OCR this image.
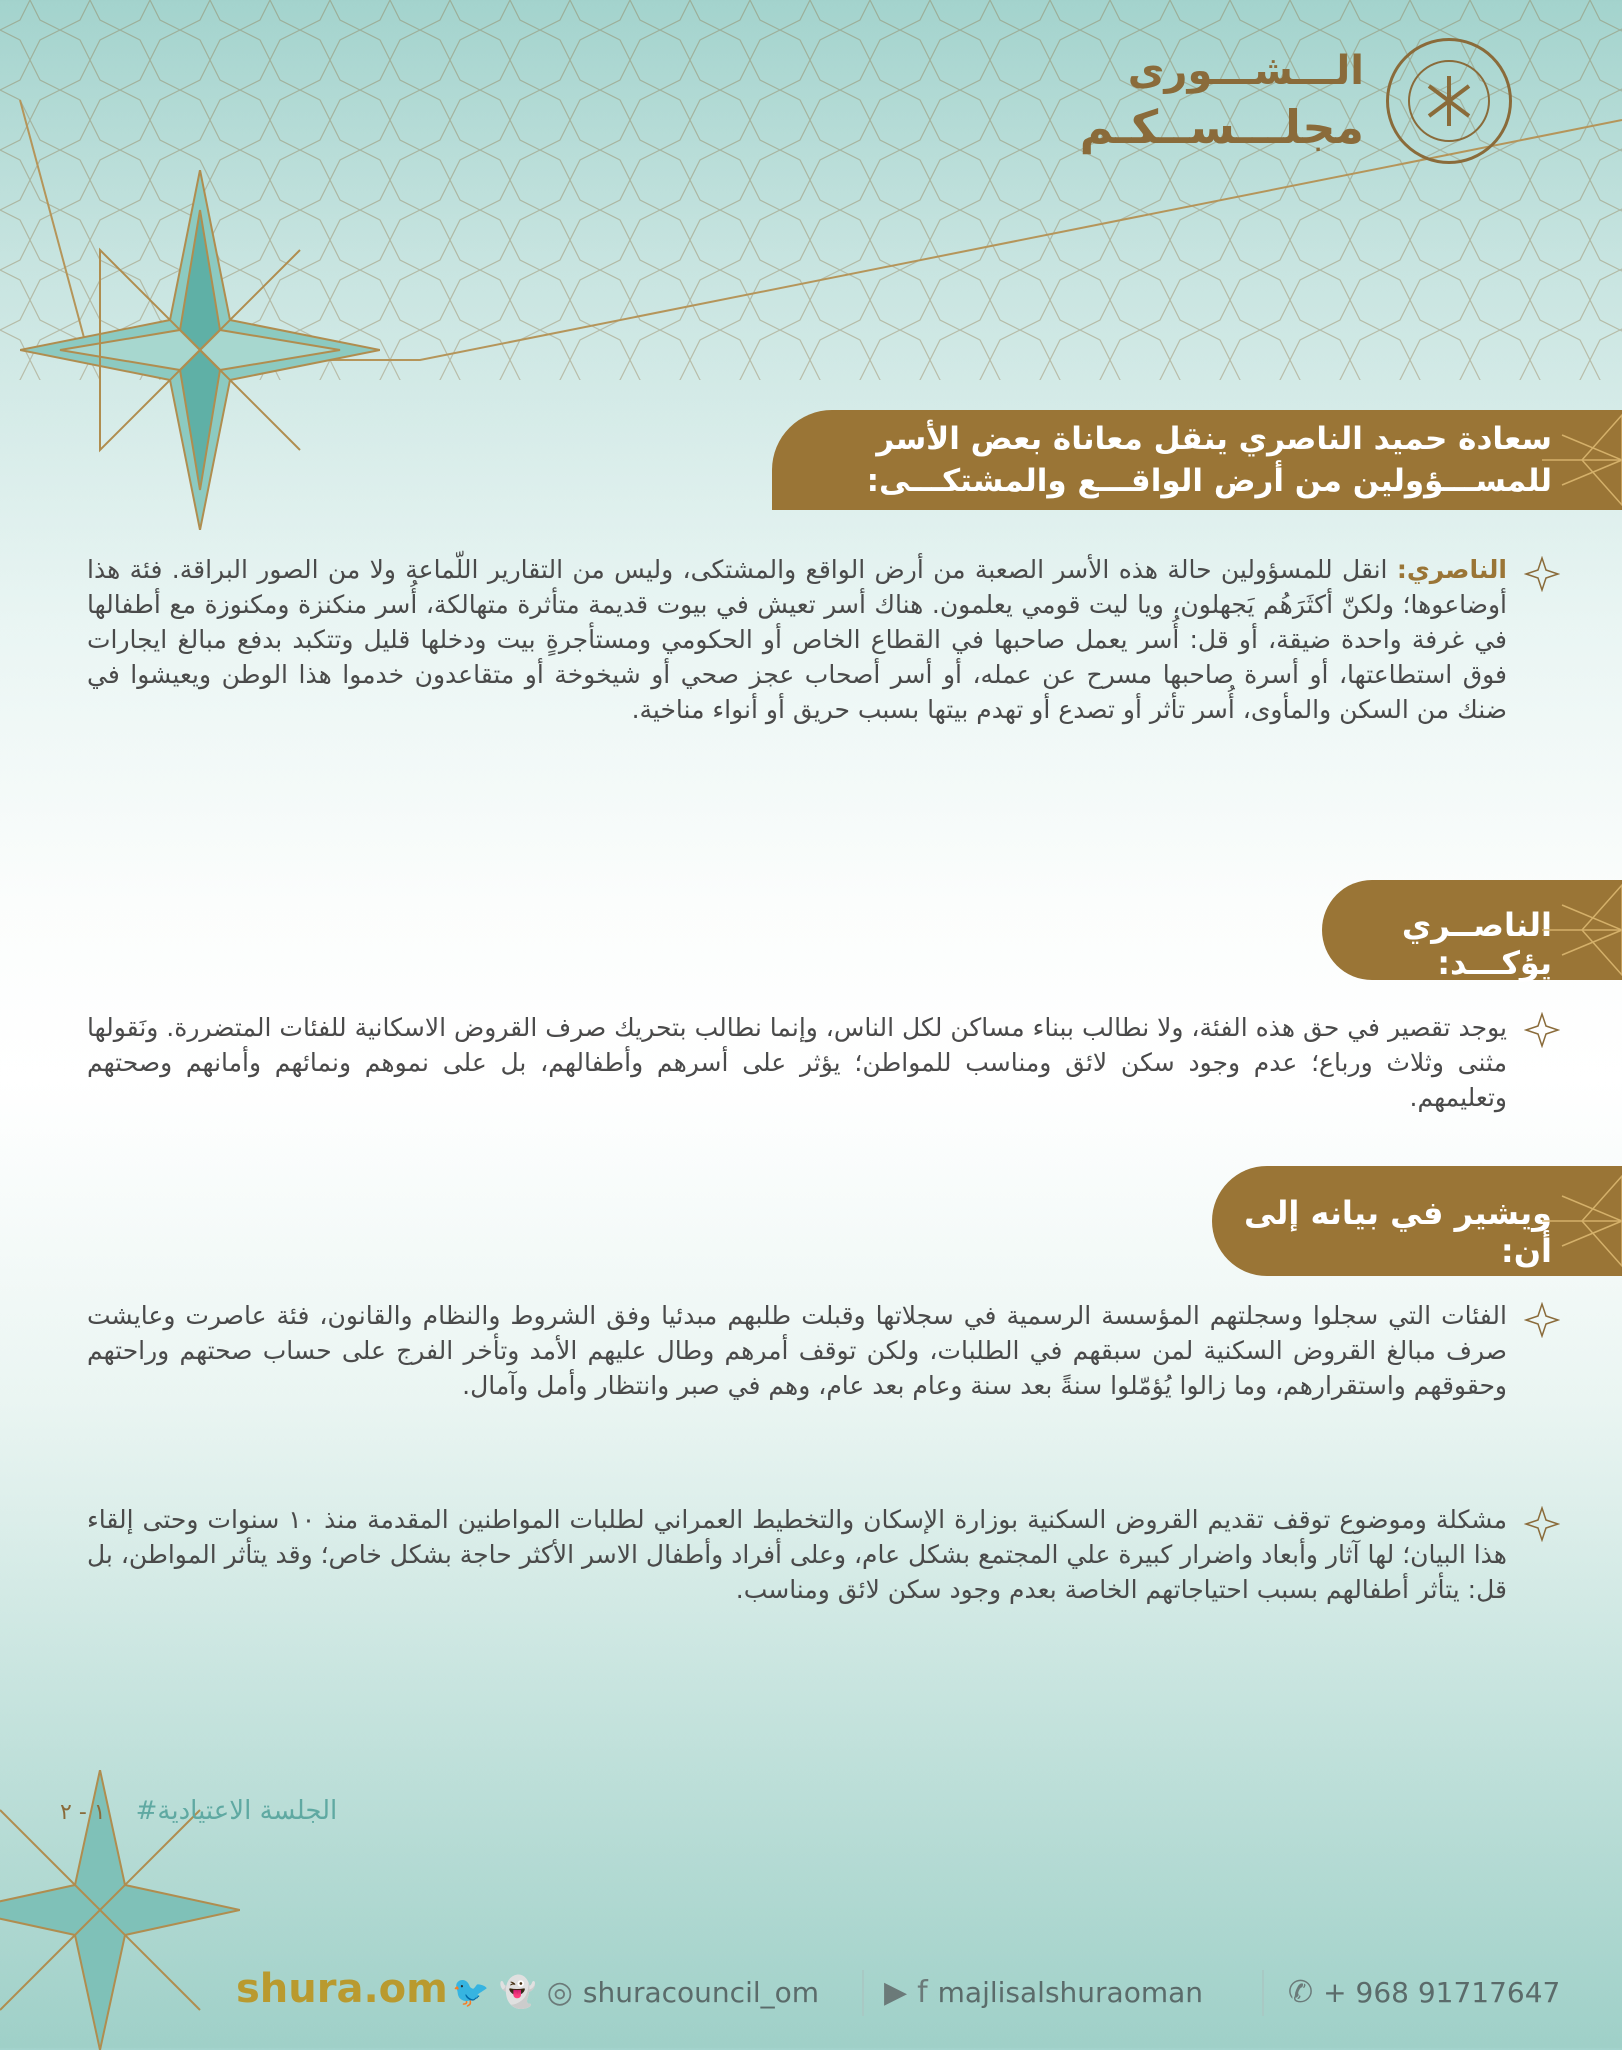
الـــشـــورى
مجلـــســكـم
سعادة حميد الناصري ينقل معاناة بعض الأسر للمســـؤولين من أرض الواقـــع والمشتكـــى:
الناصري: انقل للمسؤولين حالة هذه الأسر الصعبة من أرض الواقع والمشتكى، وليس من التقارير اللّماعة ولا من الصور البراقة. فئة هذا أوضاعوها؛ ولكنّ أكثَرَهُم يَجهلون، ويا ليت قومي يعلمون. هناك أسر تعيش في بيوت قديمة متأثرة متهالكة، أُسر منكنزة ومكنوزة مع أطفالها في غرفة واحدة ضيقة، أو قل: أُسر يعمل صاحبها في القطاع الخاص أو الحكومي ومستأجرةٍ بيت ودخلها قليل وتتكبد بدفع مبالغ ايجارات فوق استطاعتها، أو أسرة صاحبها مسرح عن عمله، أو أسر أصحاب عجز صحي أو شيخوخة أو متقاعدون خدموا هذا الوطن ويعيشوا في ضنك من السكن والمأوى، أُسر تأثر أو تصدع أو تهدم بيتها بسبب حريق أو أنواء مناخية.
الناصــري يؤكـــد:
يوجد تقصير في حق هذه الفئة، ولا نطالب ببناء مساكن لكل الناس، وإنما نطالب بتحريك صرف القروض الاسكانية للفئات المتضررة. ونَقولها مثنى وثلاث ورباع؛ عدم وجود سكن لائق ومناسب للمواطن؛ يؤثر على أسرهم وأطفالهم، بل على نموهم ونمائهم وأمانهم وصحتهم وتعليمهم.
ويشير في بيانه إلى أن:
الفئات التي سجلوا وسجلتهم المؤسسة الرسمية في سجلاتها وقبلت طلبهم مبدئيا وفق الشروط والنظام والقانون، فئة عاصرت وعايشت صرف مبالغ القروض السكنية لمن سبقهم في الطلبات، ولكن توقف أمرهم وطال عليهم الأمد وتأخر الفرج على حساب صحتهم وراحتهم وحقوقهم واستقرارهم، وما زالوا يُؤمّلوا سنةً بعد سنة وعام بعد عام، وهم في صبر وانتظار وأمل وآمال.
مشكلة وموضوع توقف تقديم القروض السكنية بوزارة الإسكان والتخطيط العمراني لطلبات المواطنين المقدمة منذ ١٠ سنوات وحتى إلقاء هذا البيان؛ لها آثار وأبعاد واضرار كبيرة علي المجتمع بشكل عام، وعلى أفراد وأطفال الاسر الأكثر حاجة بشكل خاص؛ وقد يتأثر المواطن، بل قل: يتأثر أطفالهم بسبب احتياجاتهم الخاصة بعدم وجود سكن لائق ومناسب.
١ - ٢ #الجلسة الاعتيادية
shura.om 🐦 👻 ◎ shuracouncil_om ▶ f majlisalshuraoman	✆ + 968 91717647
